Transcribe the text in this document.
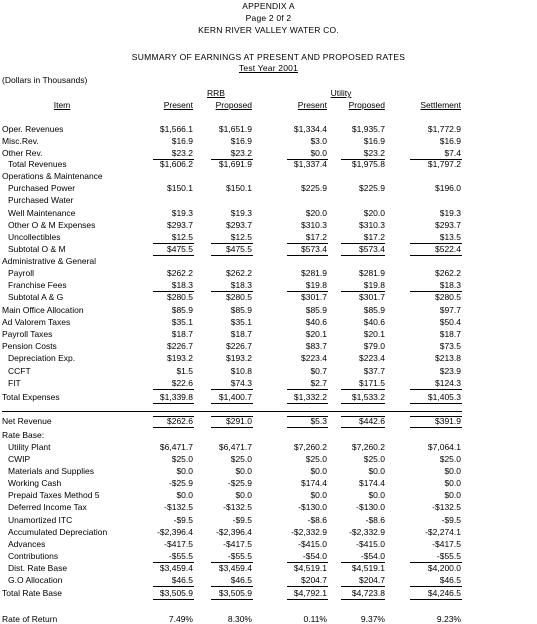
APPENDIX A
Page 2 0f 2
KERN RIVER VALLEY WATER CO.
SUMMARY OF EARNINGS AT PRESENT AND PROPOSED RATES
Test Year 2001
(Dollars in Thousands)
RRB	Utility
Item	Present	Proposed	Present	Proposed	Settlement
Oper. Revenues	$1,566.1	$1,651.9	$1,334.4	$1,935.7	$1,772.9
Misc.Rev.	$16.9	$16.9	$3.0	$16.9	$16.9
Other Rev.	$23.2	$23.2	$0.0	$23.2	$7.4
Total Revenues	$1,606.2	$1,691.9	$1,337.4	$1,975.8	$1,797.2
Operations & Maintenance
Purchased Power	$150.1	$150.1	$225.9	$225.9	$196.0
Purchased Water
Well Maintenance	$19.3	$19.3	$20.0	$20.0	$19.3
Other O & M Expenses	$293.7	$293.7	$310.3	$310.3	$293.7
Uncollectibles	$12.5	$12.5	$17.2	$17.2	$13.5
Subtotal O & M	$475.5	$475.5	$573.4	$573.4	$522.4
Administrative & General
Payroll	$262.2	$262.2	$281.9	$281.9	$262.2
Franchise Fees	$18.3	$18.3	$19.8	$19.8	$18.3
Subtotal A & G	$280.5	$280.5	$301.7	$301.7	$280.5
Main Office Allocation	$85.9	$85.9	$85.9	$85.9	$97.7
Ad Valorem Taxes	$35.1	$35.1	$40.6	$40.6	$50.4
Payroll Taxes	$18.7	$18.7	$20.1	$20.1	$18.7
Pension Costs	$226.7	$226.7	$83.7	$79.0	$73.5
Depreciation Exp.	$193.2	$193.2	$223.4	$223.4	$213.8
CCFT	$1.5	$10.8	$0.7	$37.7	$23.9
FIT	$22.6	$74.3	$2.7	$171.5	$124.3
Total Expenses	$1,339.8	$1,400.7	$1,332.2	$1,533.2	$1,405.3
Net Revenue	$262.6	$291.0	$5.3	$442.6	$391.9
Rate Base:
Utility Plant	$6,471.7	$6,471.7	$7,260.2	$7,260.2	$7,064.1
CWIP	$25.0	$25.0	$25.0	$25.0	$25.0
Materials and Supplies	$0.0	$0.0	$0.0	$0.0	$0.0
Working Cash	-$25.9	-$25.9	$174.4	$174.4	$0.0
Prepaid Taxes Method 5	$0.0	$0.0	$0.0	$0.0	$0.0
Deferred Income Tax	-$132.5	-$132.5	-$130.0	-$130.0	-$132.5
Unamortized ITC	-$9.5	-$9.5	-$8.6	-$8.6	-$9.5
Accumulated Depreciation	-$2,396.4	-$2,396.4	-$2,332.9	-$2,332.9	-$2,274.1
Advances	-$417.5	-$417.5	-$415.0	-$415.0	-$417.5
Contributions	-$55.5	-$55.5	-$54.0	-$54.0	-$55.5
Dist. Rate Base	$3,459.4	$3,459.4	$4,519.1	$4,519.1	$4,200.0
G.O Allocation	$46.5	$46.5	$204.7	$204.7	$46.5
Total Rate Base	$3,505.9	$3,505.9	$4,792.1	$4,723.8	$4,246.5
Rate of Return	7.49%	8.30%	0.11%	9.37%	9.23%
